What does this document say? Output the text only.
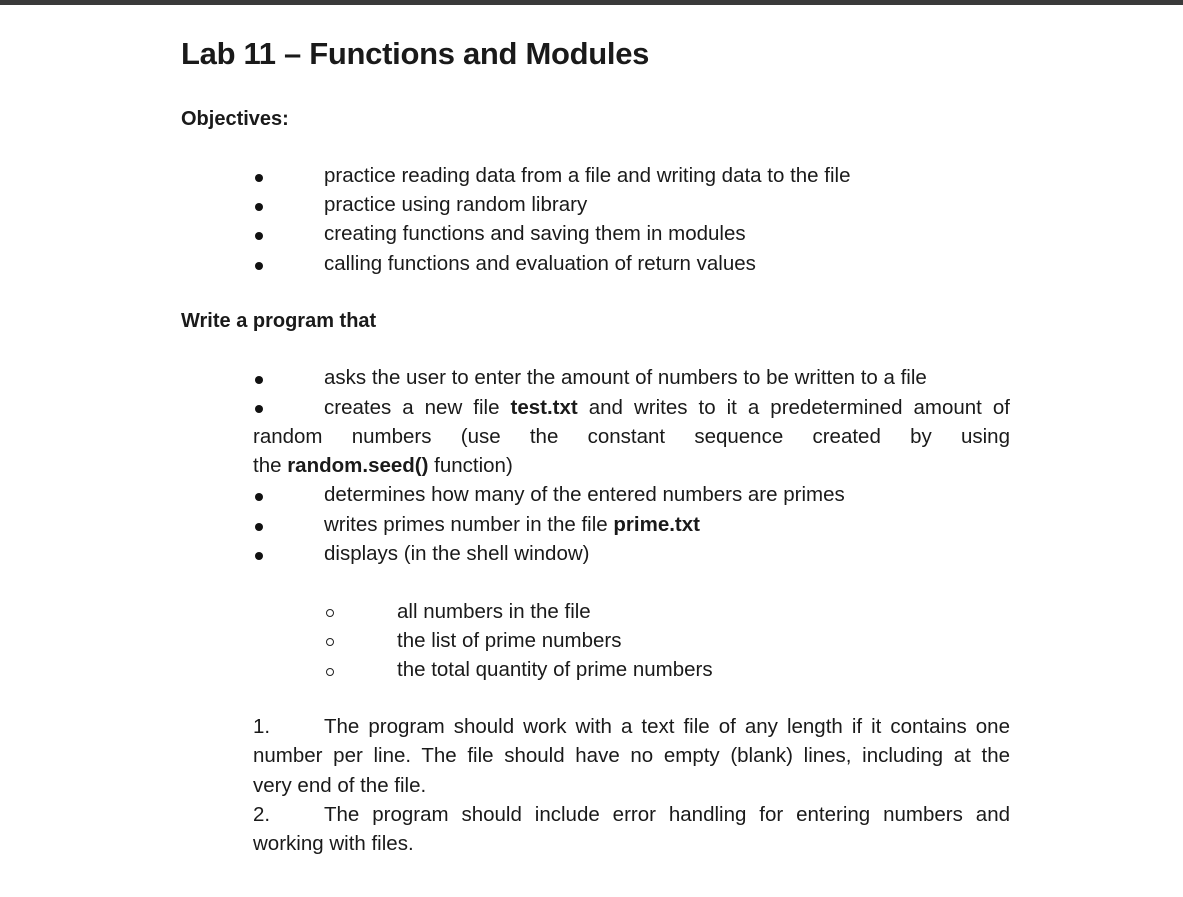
Lab 11 – Functions and Modules
Objectives:
practice reading data from a file and writing data to the file
practice using random library
creating functions and saving them in modules
calling functions and evaluation of return values
Write a program that
asks the user to enter the amount of numbers to be written to a file
creates a new file test.txt and writes to it a predetermined amount of
random numbers (use the constant sequence created by using
the random.seed() function)
determines how many of the entered numbers are primes
writes primes number in the file prime.txt
displays (in the shell window)
all numbers in the file
the list of prime numbers
the total quantity of prime numbers
1.	The program should work with a text file of any length if it contains one
number per line. The file should have no empty (blank) lines, including at the
very end of the file.
2.	The program should include error handling for entering numbers and
working with files.
